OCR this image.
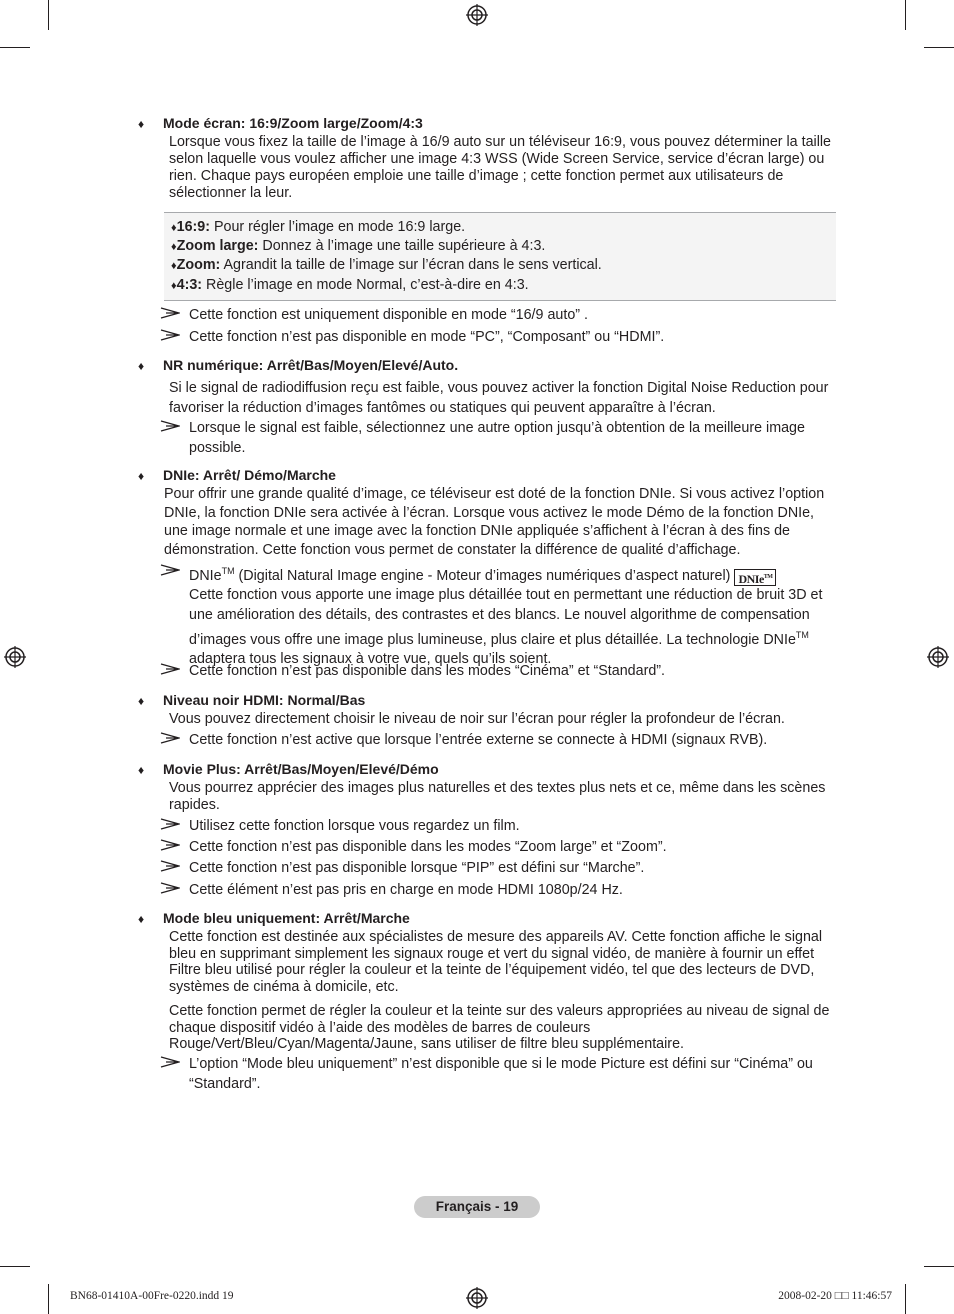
♦ Mode écran: 16:9/Zoom large/Zoom/4:3

Lorsque vous fixez la taille de l’image à 16/9 auto sur un téléviseur 16:9, vous pouvez déterminer la taille selon laquelle vous voulez afficher une image 4:3 WSS (Wide Screen Service, service d’écran large) ou rien. Chaque pays européen emploie une taille d’image ; cette fonction permet aux utilisateurs de sélectionner la leur.

♦16:9: Pour régler l’image en mode 16:9 large.
♦Zoom large: Donnez à l’image une taille supérieure à 4:3.
♦Zoom: Agrandit la taille de l’image sur l’écran dans le sens vertical.
♦4:3: Règle l’image en mode Normal, c’est-à-dire en 4:3.
Cette fonction est uniquement disponible en mode “16/9 auto” .
Cette fonction n’est pas disponible en mode “PC”, “Composant” ou “HDMI”.
♦ NR numérique: Arrêt/Bas/Moyen/Elevé/Auto.

Si le signal de radiodiffusion reçu est faible, vous pouvez activer la fonction Digital Noise Reduction pour favoriser la réduction d’images fantômes ou statiques qui peuvent apparaître à l’écran.

Lorsque le signal est faible, sélectionnez une autre option jusqu’à obtention de la meilleure image possible.
♦ DNIe: Arrêt/ Démo/Marche

Pour offrir une grande qualité d’image, ce téléviseur est doté de la fonction DNIe. Si vous activez l’option DNIe, la fonction DNIe sera activée à l’écran. Lorsque vous activez le mode Démo de la fonction DNIe, une image normale et une image avec la fonction DNIe appliquée s’affichent à l’écran à des fins de démonstration. Cette fonction vous permet de constater la différence de qualité d’affichage.

DNIe™ (Digital Natural Image engine - Moteur d’images numériques d’aspect naturel) DNIe™
Cette fonction vous apporte une image plus détaillée tout en permettant une réduction de bruit 3D et une amélioration des détails, des contrastes et des blancs. Le nouvel algorithme de compensation d’images vous offre une image plus lumineuse, plus claire et plus détaillée. La technologie DNIe™ adaptera tous les signaux à votre vue, quels qu’ils soient.
Cette fonction n’est pas disponible dans les modes “Cinéma” et “Standard”.
♦ Niveau noir HDMI: Normal/Bas

Vous pouvez directement choisir le niveau de noir sur l’écran pour régler la profondeur de l’écran.

Cette fonction n’est active que lorsque l’entrée externe se connecte à HDMI (signaux RVB).
♦ Movie Plus: Arrêt/Bas/Moyen/Elevé/Démo

Vous pourrez apprécier des images plus naturelles et des textes plus nets et ce, même dans les scènes rapides.

Utilisez cette fonction lorsque vous regardez un film.
Cette fonction n’est pas disponible dans les modes “Zoom large” et “Zoom”.
Cette fonction n’est pas disponible lorsque “PIP” est défini sur “Marche”.
Cette élément n’est pas pris en charge en mode HDMI 1080p/24 Hz.
♦ Mode bleu uniquement: Arrêt/Marche

Cette fonction est destinée aux spécialistes de mesure des appareils AV. Cette fonction affiche le signal bleu en supprimant simplement les signaux rouge et vert du signal vidéo, de manière à fournir un effet Filtre bleu utilisé pour régler la couleur et la teinte de l’équipement vidéo, tel que des lecteurs de DVD, systèmes de cinéma à domicile, etc.

Cette fonction permet de régler la couleur et la teinte sur des valeurs appropriées au niveau de signal de chaque dispositif vidéo à l’aide des modèles de barres de couleurs Rouge/Vert/Bleu/Cyan/Magenta/Jaune, sans utiliser de filtre bleu supplémentaire.

L’option “Mode bleu uniquement” n’est disponible que si le mode Picture est défini sur “Cinéma” ou “Standard”.
Français - 19
BN68-01410A-00Fre-0220.indd 19	2008-02-20 □□ 11:46:57
